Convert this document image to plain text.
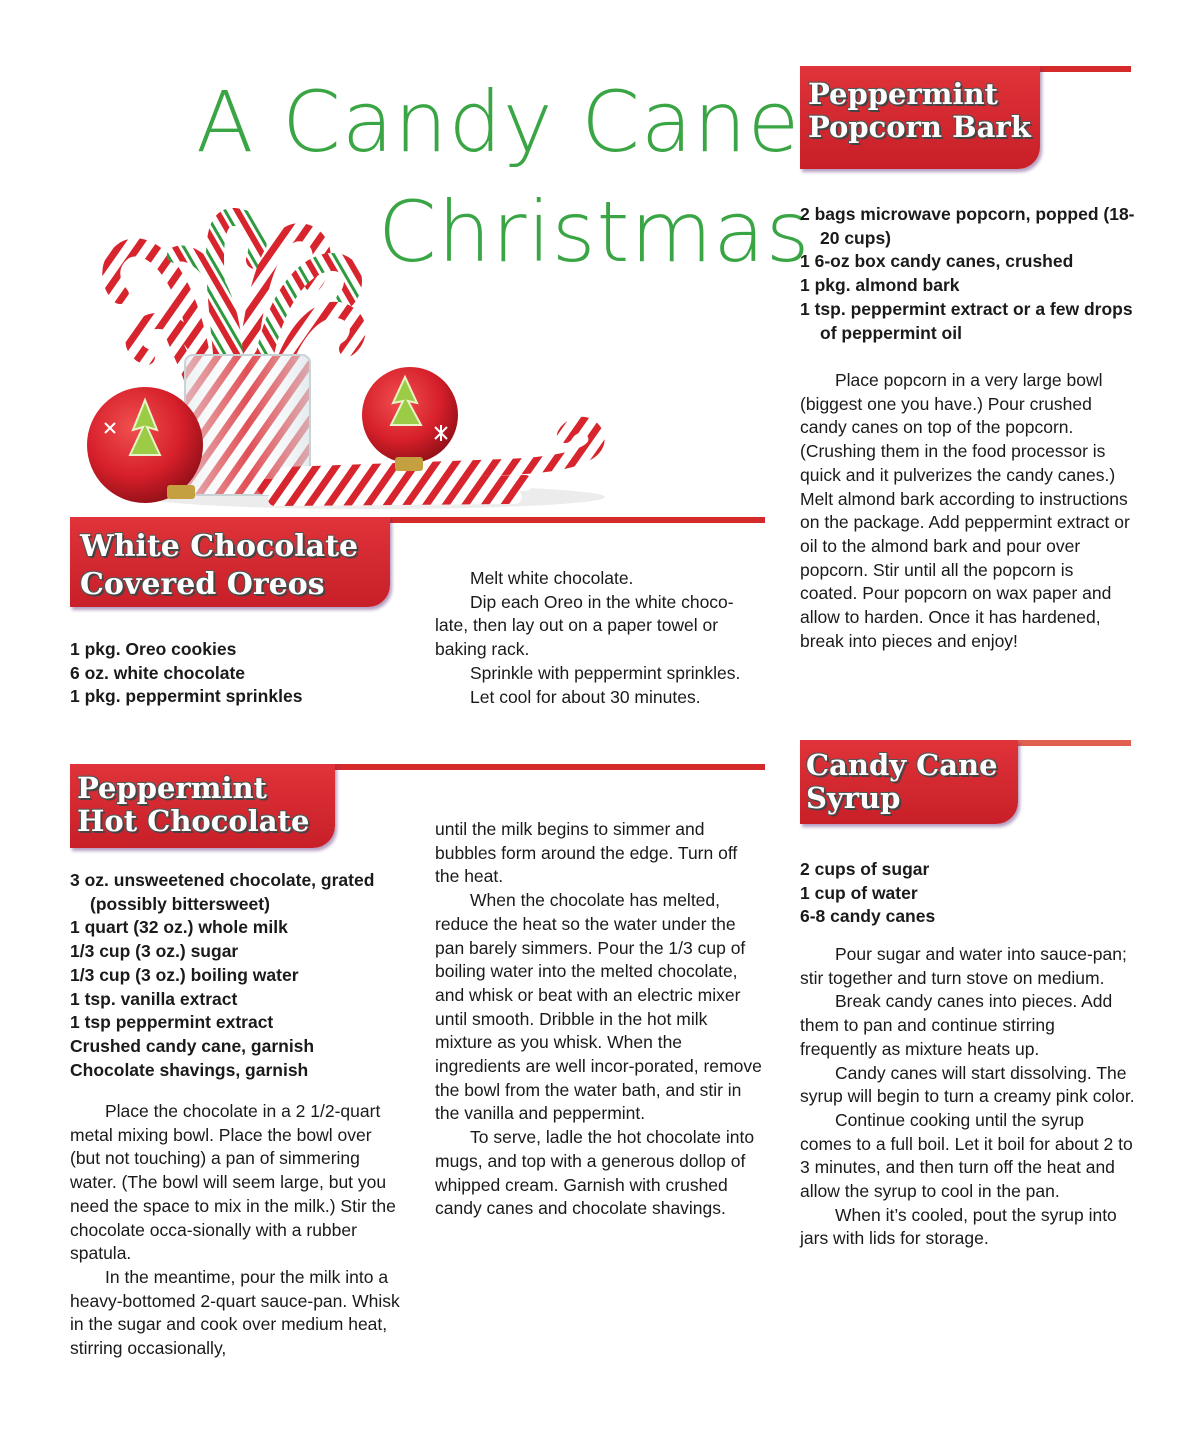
A Candy Cane
Christmas
Peppermint
Popcorn Bark
2 bags microwave popcorn, popped (18-20 cups)
1 6-oz box candy canes, crushed
1 pkg. almond bark
1 tsp. peppermint extract or a few drops of peppermint oil

Place popcorn in a very large bowl (biggest one you have.) Pour crushed candy canes on top of the popcorn. (Crushing them in the food processor is quick and it pulverizes the candy canes.) Melt almond bark according to instructions on the package. Add peppermint extract or oil to the almond bark and pour over popcorn. Stir until all the popcorn is coated. Pour popcorn on wax paper and allow to harden. Once it has hardened, break into pieces and enjoy!

White Chocolate
Covered Oreos
1 pkg. Oreo cookies
6 oz. white chocolate
1 pkg. peppermint sprinkles

Melt white chocolate.

Dip each Oreo in the white choco-late, then lay out on a paper towel or baking rack.

Sprinkle with peppermint sprinkles.

Let cool for about 30 minutes.

Peppermint
Hot Chocolate
3 oz. unsweetened chocolate, grated (possibly bittersweet)
1 quart (32 oz.) whole milk
1/3 cup (3 oz.) sugar
1/3 cup (3 oz.) boiling water
1 tsp. vanilla extract
1 tsp peppermint extract
Crushed candy cane, garnish
Chocolate shavings, garnish

Place the chocolate in a 2 1/2-quart metal mixing bowl. Place the bowl over (but not touching) a pan of simmering water. (The bowl will seem large, but you need the space to mix in the milk.) Stir the chocolate occa-sionally with a rubber spatula.

In the meantime, pour the milk into a heavy-bottomed 2-quart sauce-pan. Whisk in the sugar and cook over medium heat, stirring occasionally,

until the milk begins to simmer and bubbles form around the edge. Turn off the heat.

When the chocolate has melted, reduce the heat so the water under the pan barely simmers. Pour the 1/3 cup of boiling water into the melted chocolate, and whisk or beat with an electric mixer until smooth. Dribble in the hot milk mixture as you whisk. When the ingredients are well incor-porated, remove the bowl from the water bath, and stir in the vanilla and peppermint.

To serve, ladle the hot chocolate into mugs, and top with a generous dollop of whipped cream. Garnish with crushed candy canes and chocolate shavings.

Candy Cane
Syrup
2 cups of sugar
1 cup of water
6-8 candy canes

Pour sugar and water into sauce-pan; stir together and turn stove on medium.

Break candy canes into pieces. Add them to pan and continue stirring frequently as mixture heats up.

Candy canes will start dissolving. The syrup will begin to turn a creamy pink color.

Continue cooking until the syrup comes to a full boil. Let it boil for about 2 to 3 minutes, and then turn off the heat and allow the syrup to cool in the pan.

When it’s cooled, pout the syrup into jars with lids for storage.
